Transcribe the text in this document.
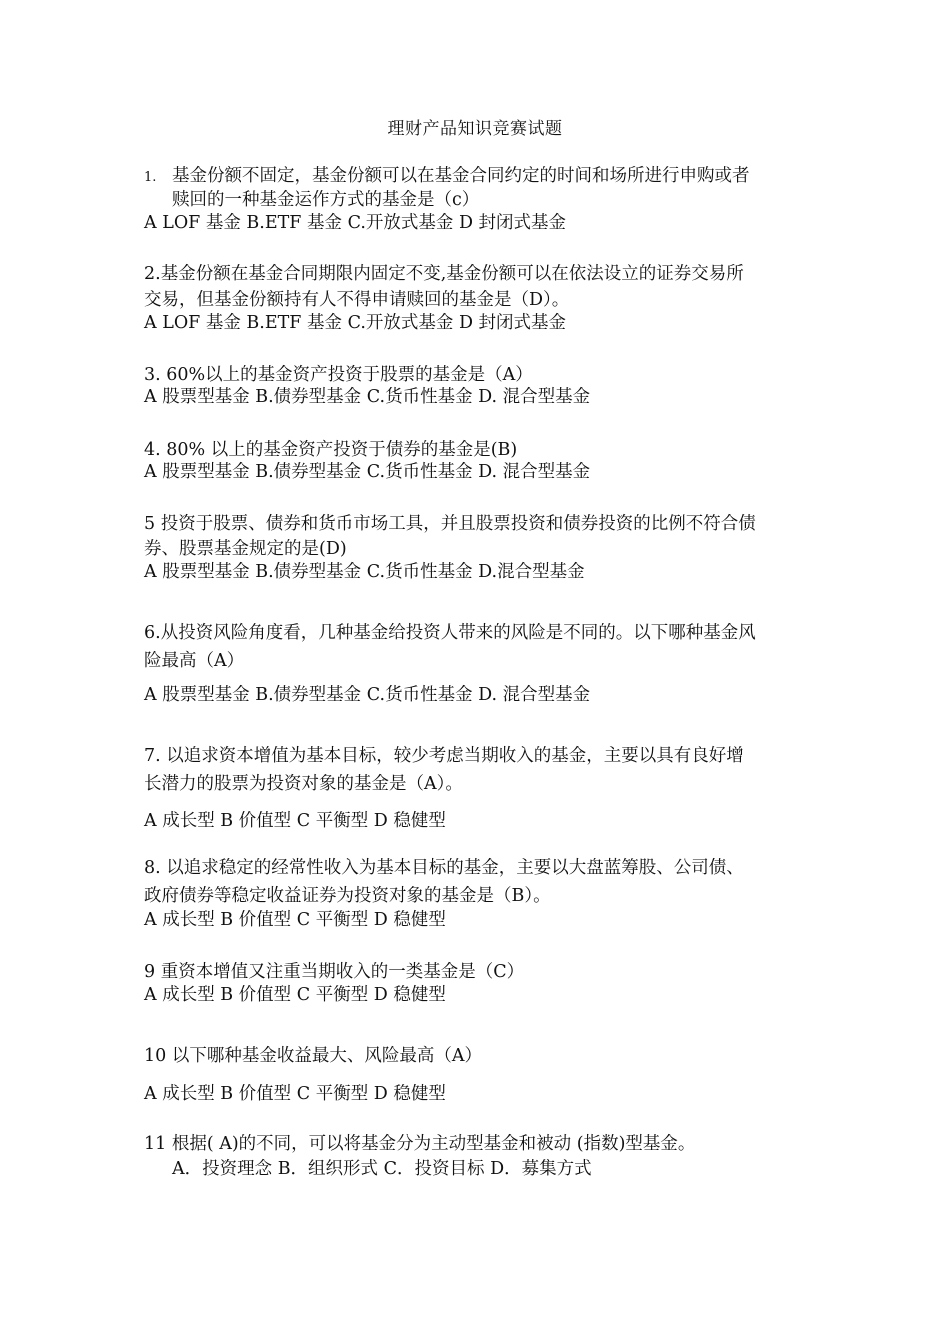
理财产品知识竞赛试题
1. 基金份额不固定，基金份额可以在基金合同约定的时间和场所进行申购或者
赎回的一种基金运作方式的基金是（c）
A LOF 基金 B.ETF 基金 C.开放式基金 D 封闭式基金
2.基金份额在基金合同期限内固定不变,基金份额可以在依法设立的证券交易所
交易，但基金份额持有人不得申请赎回的基金是（D）。
A LOF 基金 B.ETF 基金 C.开放式基金 D 封闭式基金
3. 60%以上的基金资产投资于股票的基金是（A）
A 股票型基金 B.债券型基金 C.货币性基金 D. 混合型基金
4. 80% 以上的基金资产投资于债券的基金是(B)
A 股票型基金 B.债券型基金 C.货币性基金 D. 混合型基金
5 投资于股票、债券和货币市场工具，并且股票投资和债券投资的比例不符合债
券、股票基金规定的是(D)
A 股票型基金 B.债券型基金 C.货币性基金 D.混合型基金
6.从投资风险角度看，几种基金给投资人带来的风险是不同的。以下哪种基金风
险最高（A）
A 股票型基金 B.债券型基金 C.货币性基金 D. 混合型基金
7. 以追求资本增值为基本目标，较少考虑当期收入的基金，主要以具有良好增
长潜力的股票为投资对象的基金是（A）。
A 成长型 B 价值型 C 平衡型 D 稳健型
8. 以追求稳定的经常性收入为基本目标的基金，主要以大盘蓝筹股、公司债、
政府债券等稳定收益证券为投资对象的基金是（B）。
A 成长型 B 价值型 C 平衡型 D 稳健型
9 重资本增值又注重当期收入的一类基金是（C）
A 成长型 B 价值型 C 平衡型 D 稳健型
10 以下哪种基金收益最大、风险最高（A）
A 成长型 B 价值型 C 平衡型 D 稳健型
11 根据( A)的不同，可以将基金分为主动型基金和被动 (指数)型基金。
A．投资理念 B．组织形式 C．投资目标 D．募集方式
